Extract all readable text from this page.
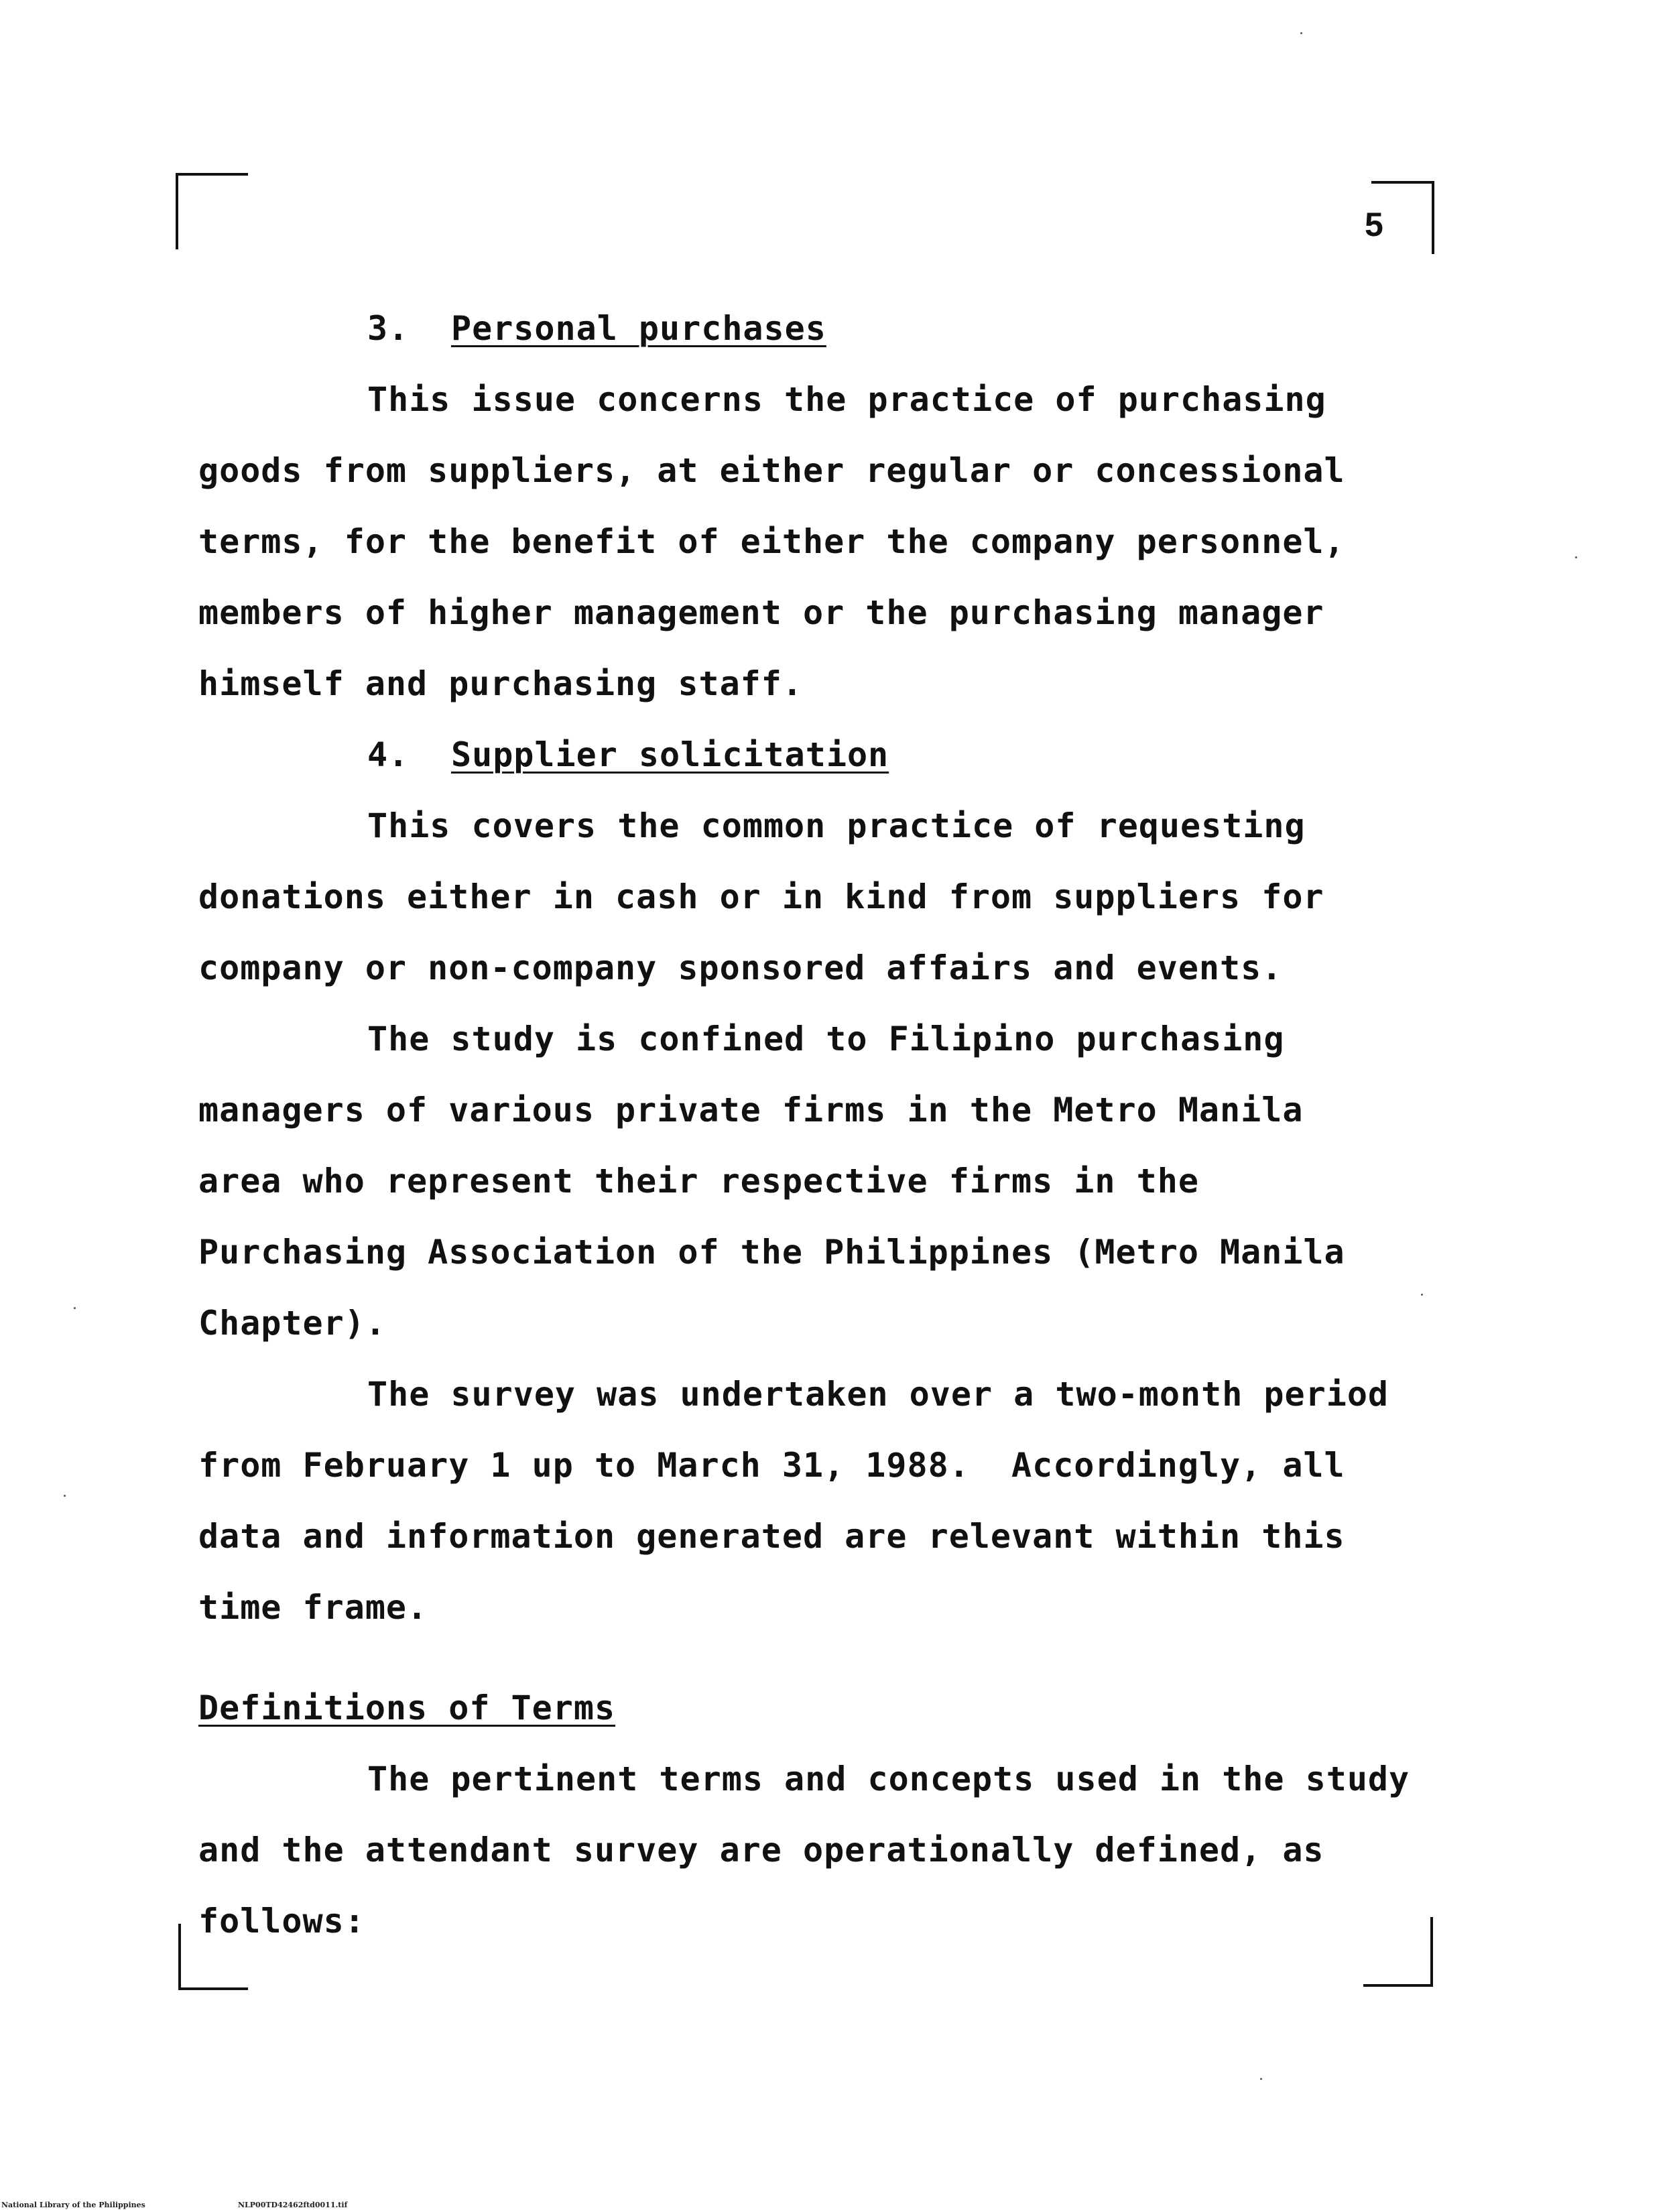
5
3. Personal purchases
This issue concerns the practice of purchasing
goods from suppliers, at either regular or concessional
terms, for the benefit of either the company personnel,
members of higher management or the purchasing manager
himself and purchasing staff.
4. Supplier solicitation
This covers the common practice of requesting
donations either in cash or in kind from suppliers for
company or non-company sponsored affairs and events.
The study is confined to Filipino purchasing
managers of various private firms in the Metro Manila
area who represent their respective firms in the
Purchasing Association of the Philippines (Metro Manila
Chapter).
The survey was undertaken over a two-month period
from February 1 up to March 31, 1988.  Accordingly, all
data and information generated are relevant within this
time frame.
Definitions of Terms
The pertinent terms and concepts used in the study
and the attendant survey are operationally defined, as
follows:
National Library of the Philippines	NLP00TD42462ftd0011.tif
